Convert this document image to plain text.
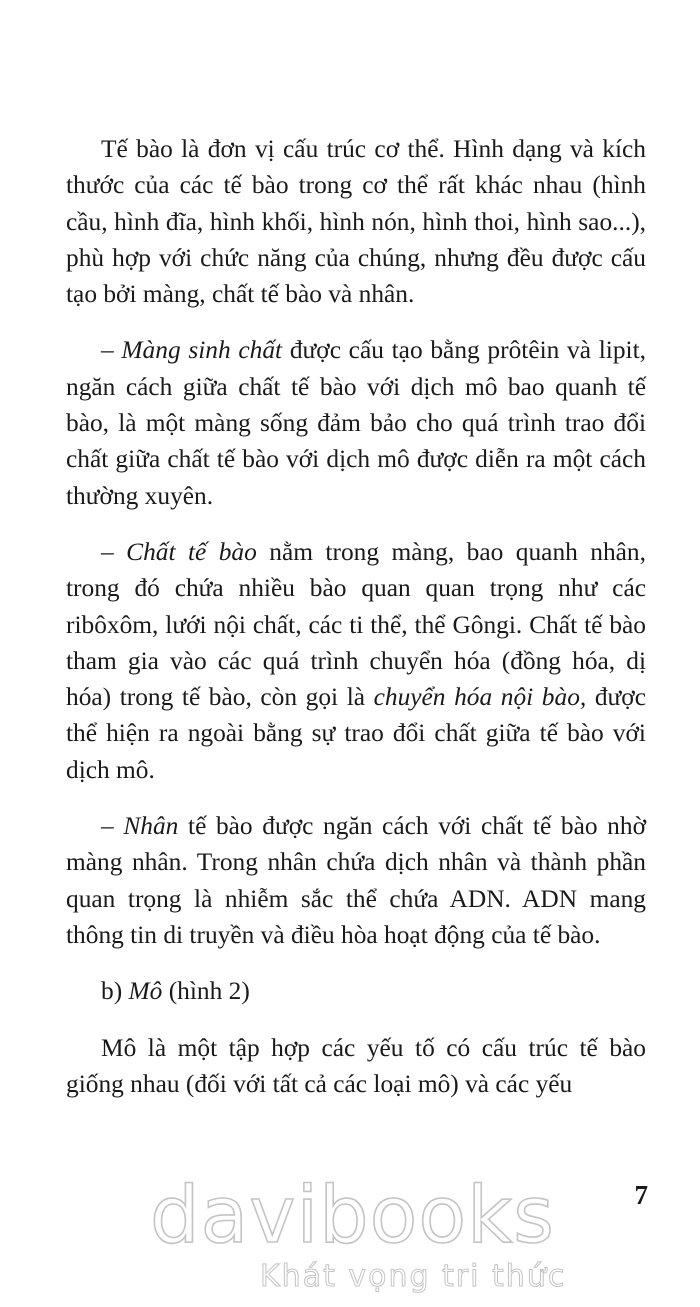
Tế bào là đơn vị cấu trúc cơ thể. Hình dạng và kích thước của các tế bào trong cơ thể rất khác nhau (hình cầu, hình đĩa, hình khối, hình nón, hình thoi, hình sao...), phù hợp với chức năng của chúng, nhưng đều được cấu tạo bởi màng, chất tế bào và nhân.

– Màng sinh chất được cấu tạo bằng prôtêin và lipit, ngăn cách giữa chất tế bào với dịch mô bao quanh tế bào, là một màng sống đảm bảo cho quá trình trao đổi chất giữa chất tế bào với dịch mô được diễn ra một cách thường xuyên.

– Chất tế bào nằm trong màng, bao quanh nhân, trong đó chứa nhiều bào quan quan trọng như các ribôxôm, lưới nội chất, các ti thể, thể Gôngi. Chất tế bào tham gia vào các quá trình chuyển hóa (đồng hóa, dị hóa) trong tế bào, còn gọi là chuyển hóa nội bào, được thể hiện ra ngoài bằng sự trao đổi chất giữa tế bào với dịch mô.

– Nhân tế bào được ngăn cách với chất tế bào nhờ màng nhân. Trong nhân chứa dịch nhân và thành phần quan trọng là nhiễm sắc thể chứa ADN. ADN mang thông tin di truyền và điều hòa hoạt động của tế bào.

b) Mô (hình 2)

Mô là một tập hợp các yếu tố có cấu trúc tế bào giống nhau (đối với tất cả các loại mô) và các yếu

7
davibooks
Khát vọng tri thức
